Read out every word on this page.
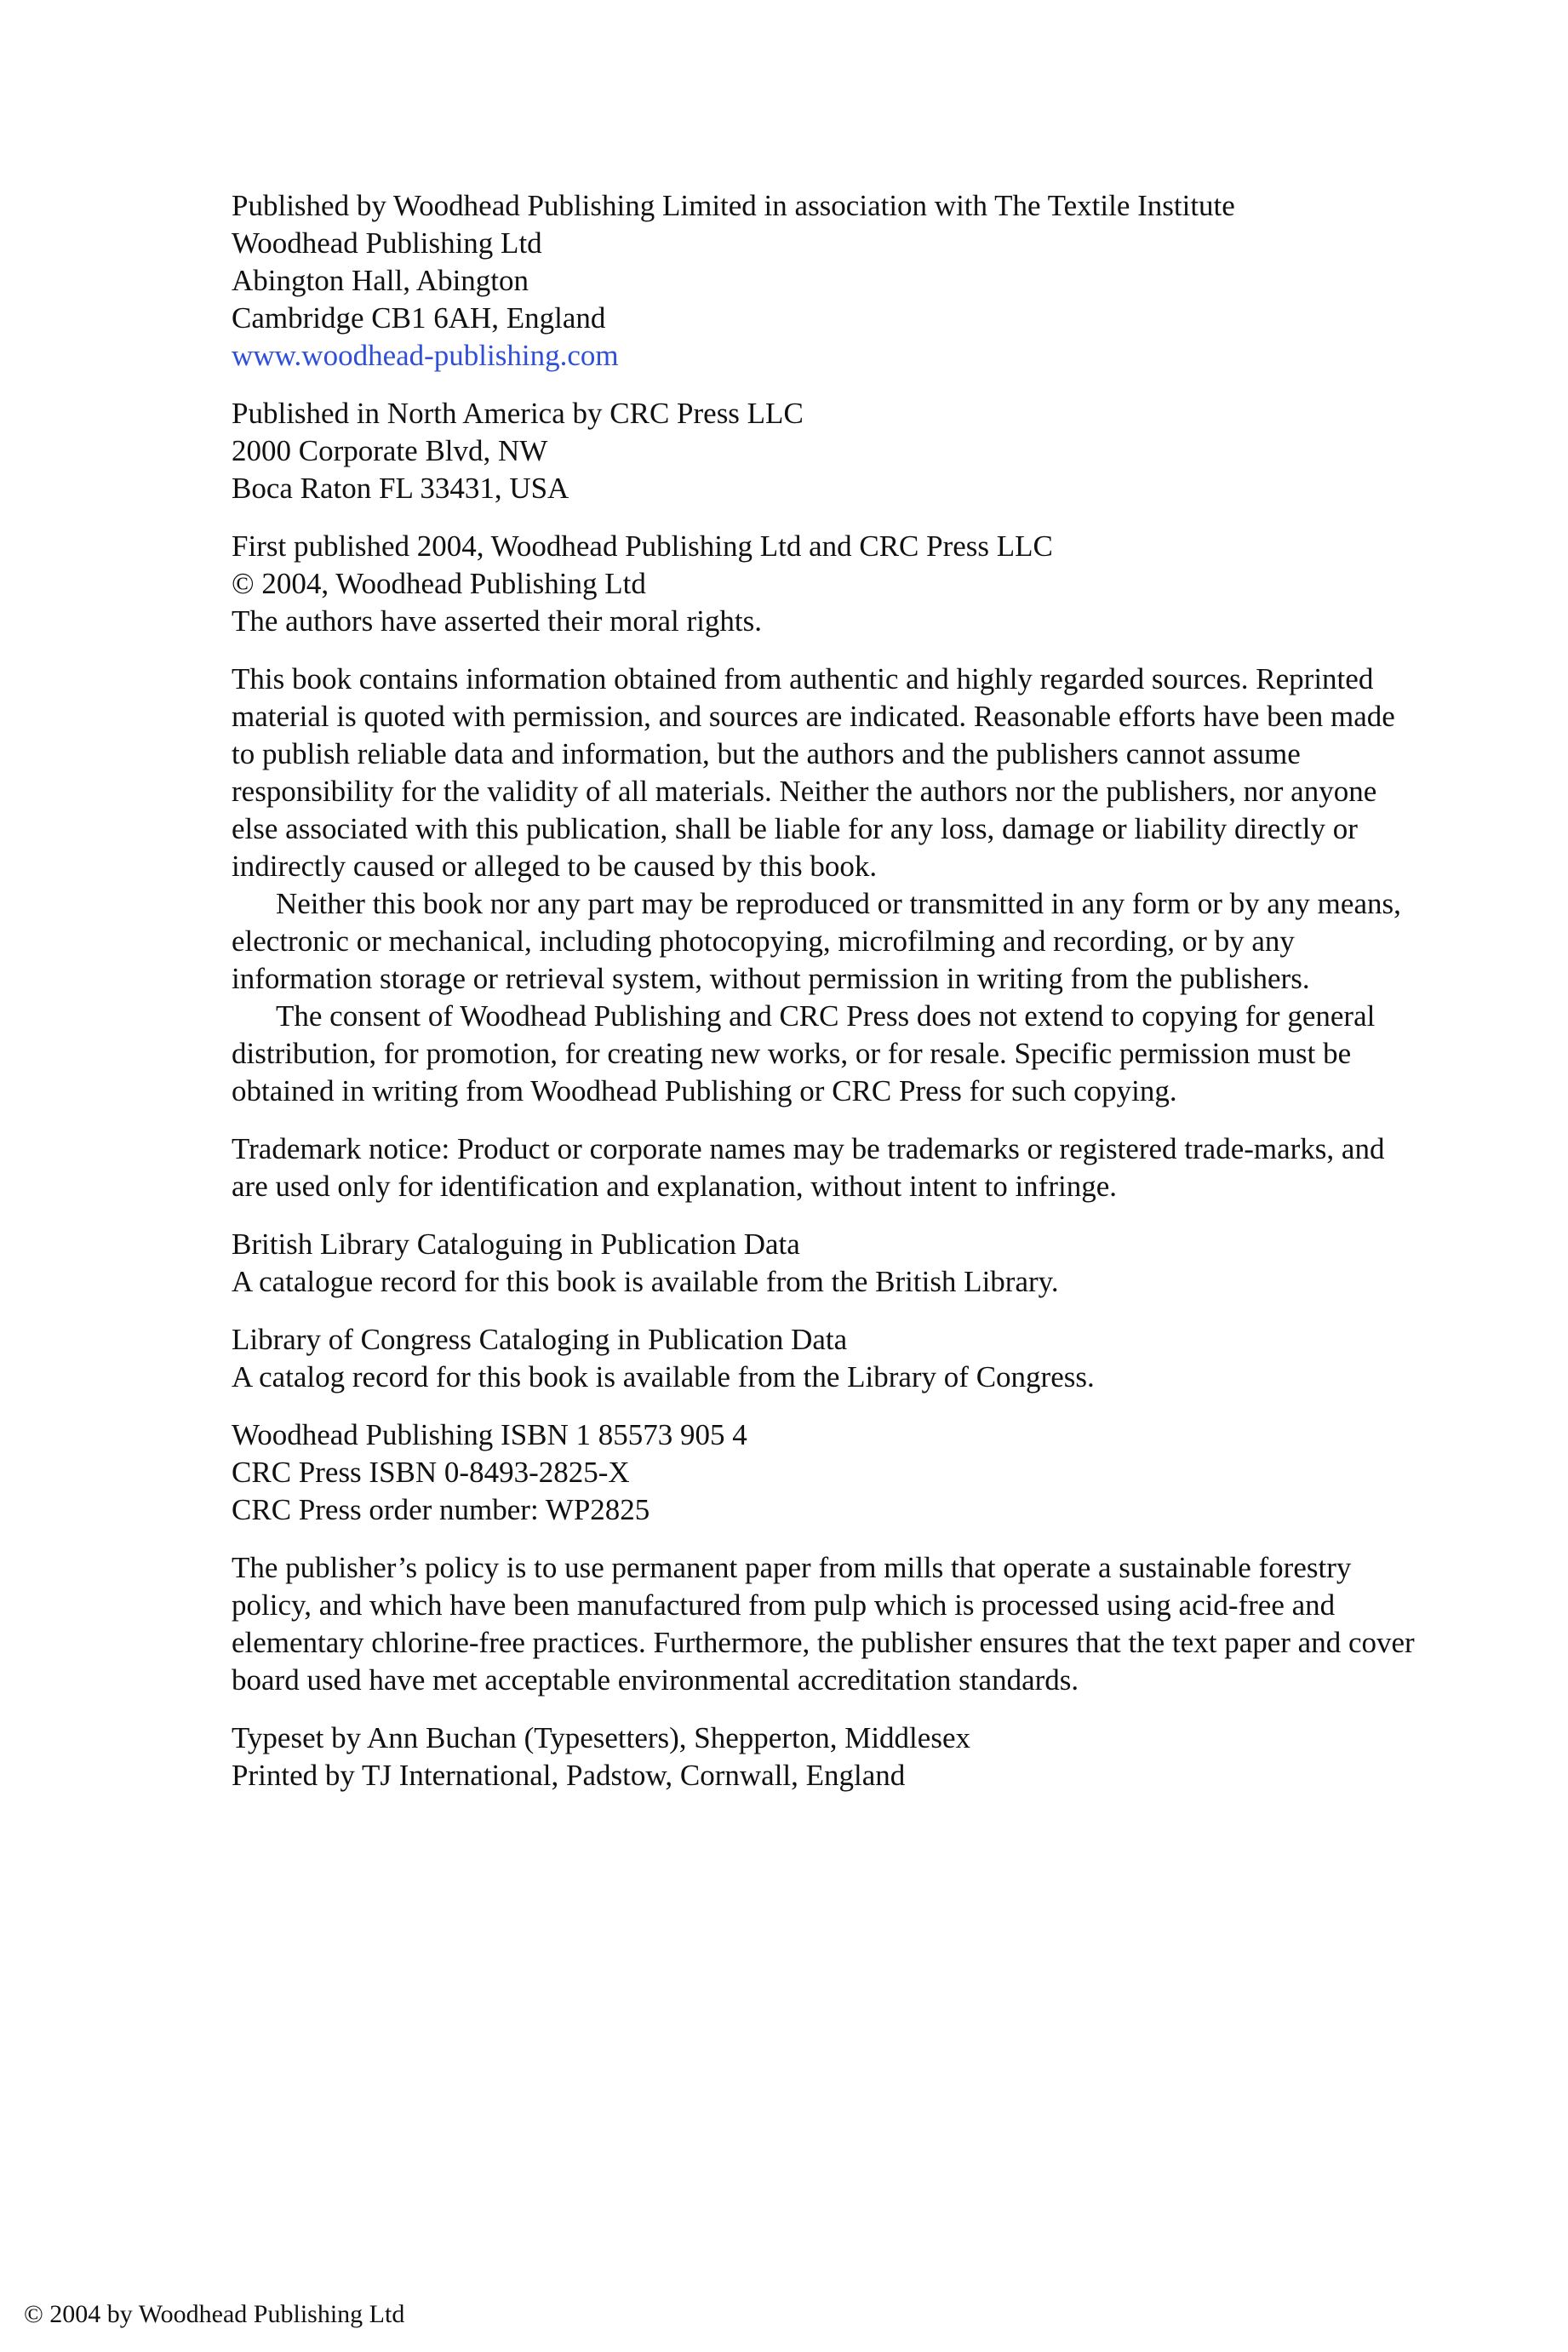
Published by Woodhead Publishing Limited in association with The Textile Institute
Woodhead Publishing Ltd
Abington Hall, Abington
Cambridge CB1 6AH, England
www.woodhead-publishing.com
Published in North America by CRC Press LLC
2000 Corporate Blvd, NW
Boca Raton FL 33431, USA
First published 2004, Woodhead Publishing Ltd and CRC Press LLC
© 2004, Woodhead Publishing Ltd
The authors have asserted their moral rights.

This book contains information obtained from authentic and highly regarded sources. Reprinted material is quoted with permission, and sources are indicated. Reasonable efforts have been made to publish reliable data and information, but the authors and the publishers cannot assume responsibility for the validity of all materials. Neither the authors nor the publishers, nor anyone else associated with this publication, shall be liable for any loss, damage or liability directly or indirectly caused or alleged to be caused by this book.

Neither this book nor any part may be reproduced or transmitted in any form or by any means, electronic or mechanical, including photocopying, microfilming and recording, or by any information storage or retrieval system, without permission in writing from the publishers.

The consent of Woodhead Publishing and CRC Press does not extend to copying for general distribution, for promotion, for creating new works, or for resale. Specific permission must be obtained in writing from Woodhead Publishing or CRC Press for such copying.

Trademark notice: Product or corporate names may be trademarks or registered trade-marks, and are used only for identification and explanation, without intent to infringe.

British Library Cataloguing in Publication Data
A catalogue record for this book is available from the British Library.
Library of Congress Cataloging in Publication Data
A catalog record for this book is available from the Library of Congress.
Woodhead Publishing ISBN 1 85573 905 4
CRC Press ISBN 0-8493-2825-X
CRC Press order number: WP2825

The publisher’s policy is to use permanent paper from mills that operate a sustainable forestry policy, and which have been manufactured from pulp which is processed using acid-free and elementary chlorine-free practices. Furthermore, the publisher ensures that the text paper and cover board used have met acceptable environmental accreditation standards.

Typeset by Ann Buchan (Typesetters), Shepperton, Middlesex
Printed by TJ International, Padstow, Cornwall, England
© 2004 by Woodhead Publishing Ltd
